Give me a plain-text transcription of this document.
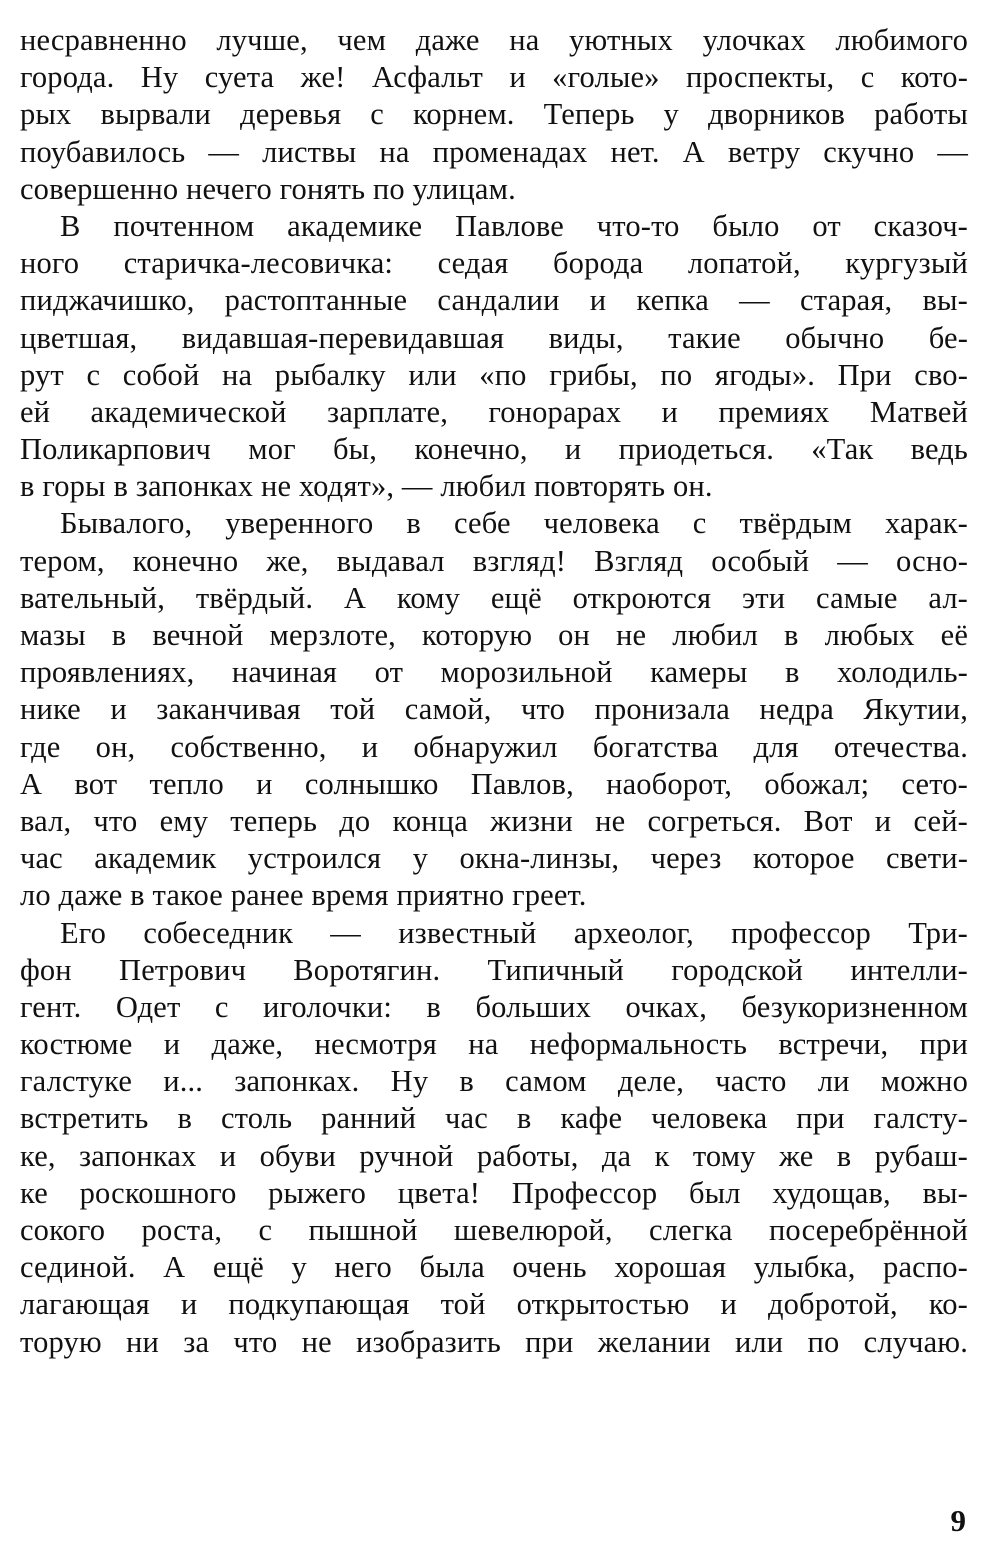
несравненно лучше, чем даже на уютных улочках любимого
города. Ну суета же! Асфальт и «голые» проспекты, с кото-
рых вырвали деревья с корнем. Теперь у дворников работы
поубавилось — листвы на променадах нет. А ветру скучно —
совершенно нечего гонять по улицам.
В почтенном академике Павлове что-то было от сказоч-
ного старичка-лесовичка: седая борода лопатой, кургузый
пиджачишко, растоптанные сандалии и кепка — старая, вы-
цветшая, видавшая-перевидавшая виды, такие обычно бе-
рут с собой на рыбалку или «по грибы, по ягоды». При сво-
ей академической зарплате, гонорарах и премиях Матвей
Поликарпович мог бы, конечно, и приодеться. «Так ведь
в горы в запонках не ходят», — любил повторять он.
Бывалого, уверенного в себе человека с твёрдым харак-
тером, конечно же, выдавал взгляд! Взгляд особый — осно-
вательный, твёрдый. А кому ещё откроются эти самые ал-
мазы в вечной мерзлоте, которую он не любил в любых её
проявлениях, начиная от морозильной камеры в холодиль-
нике и заканчивая той самой, что пронизала недра Якутии,
где он, собственно, и обнаружил богатства для отечества.
А вот тепло и солнышко Павлов, наоборот, обожал; сето-
вал, что ему теперь до конца жизни не согреться. Вот и сей-
час академик устроился у окна-линзы, через которое свети-
ло даже в такое ранее время приятно греет.
Его собеседник — известный археолог, профессор Три-
фон Петрович Воротягин. Типичный городской интелли-
гент. Одет с иголочки: в больших очках, безукоризненном
костюме и даже, несмотря на неформальность встречи, при
галстуке и... запонках. Ну в самом деле, часто ли можно
встретить в столь ранний час в кафе человека при галсту-
ке, запонках и обуви ручной работы, да к тому же в рубаш-
ке роскошного рыжего цвета! Профессор был худощав, вы-
сокого роста, с пышной шевелюрой, слегка посеребрённой
сединой. А ещё у него была очень хорошая улыбка, распо-
лагающая и подкупающая той открытостью и добротой, ко-
торую ни за что не изобразить при желании или по случаю.
9
